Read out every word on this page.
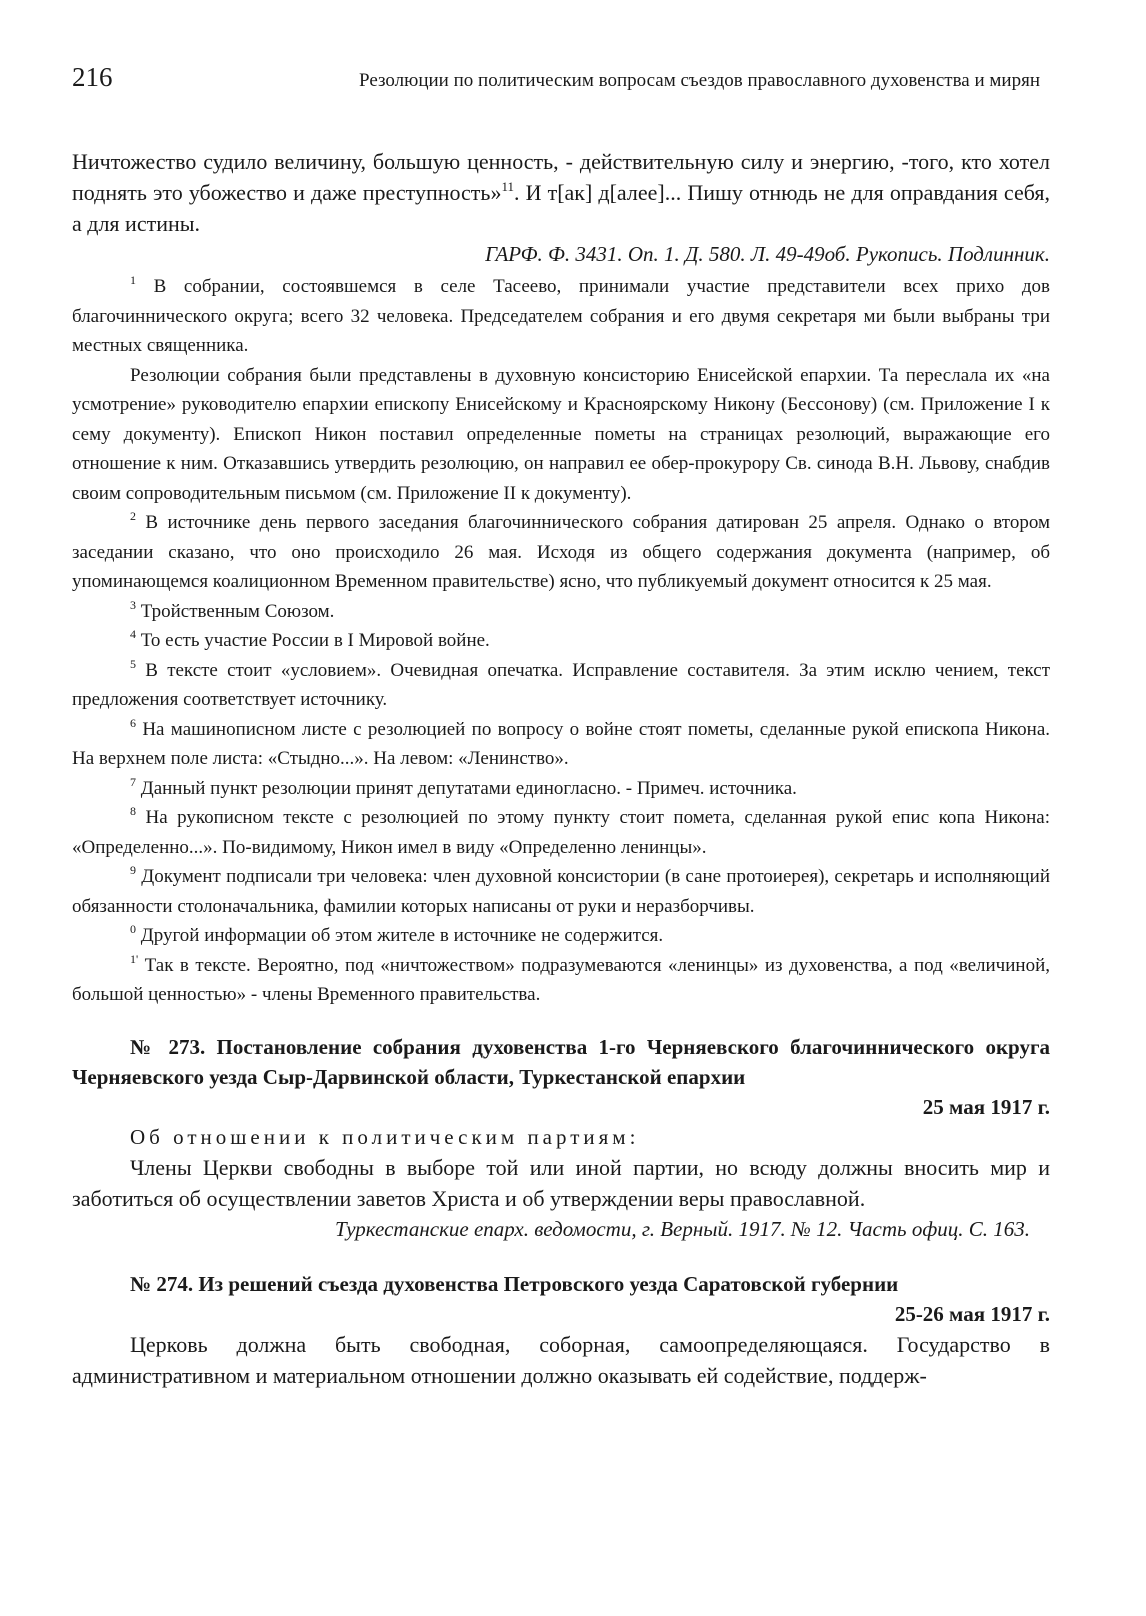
216	Резолюции по политическим вопросам съездов православного духовенства и мирян

Ничтожество судило величину, большую ценность, - действительную силу и энергию, -того, кто хотел поднять это убожество и даже преступность»$^{11}$. И т[ак] д[алее]... Пишу отнюдь не для оправдания себя, а для истины.

ГАРФ. Ф. 3431. Оп. 1. Д. 580. Л. 49-49об. Рукопись. Подлинник.

$^1$ В собрании, состоявшемся в селе Тасеево, принимали участие представители всех прихо дов благочиннического округа; всего 32 человека. Председателем собрания и его двумя секретаря ми были выбраны три местных священника.

Резолюции собрания были представлены в духовную консисторию Енисейской епархии. Та переслала их «на усмотрение» руководителю епархии епископу Енисейскому и Красноярскому Никону (Бессонову) (см. Приложение I к сему документу). Епископ Никон поставил определенные пометы на страницах резолюций, выражающие его отношение к ним. Отказавшись утвердить резолюцию, он направил ее обер-прокурору Св. синода В.Н. Львову, снабдив своим сопроводительным письмом (см. Приложение II к документу).

$^2$ В источнике день первого заседания благочиннического собрания датирован 25 апреля. Однако о втором заседании сказано, что оно происходило 26 мая. Исходя из общего содержания документа (например, об упоминающемся коалиционном Временном правительстве) ясно, что публикуемый документ относится к 25 мая.

$^3$ Тройственным Союзом.

$^4$ То есть участие России в I Мировой войне.

$^5$ В тексте стоит «условием». Очевидная опечатка. Исправление составителя. За этим исклю чением, текст предложения соответствует источнику.

$^6$ На машинописном листе с резолюцией по вопросу о войне стоят пометы, сделанные рукой епископа Никона. На верхнем поле листа: «Стыдно...». На левом: «Ленинство».

$^7$ Данный пункт резолюции принят депутатами единогласно. - Примеч. источника.

$^8$ На рукописном тексте с резолюцией по этому пункту стоит помета, сделанная рукой епис копа Никона: «Определенно...». По-видимому, Никон имел в виду «Определенно ленинцы».

$^9$ Документ подписали три человека: член духовной консистории (в сане протоиерея), секретарь и исполняющий обязанности столоначальника, фамилии которых написаны от руки и неразборчивы.

$^0$ Другой информации об этом жителе в источнике не содержится.

$^{1'}$ Так в тексте. Вероятно, под «ничтожеством» подразумеваются «ленинцы» из духовенства, а под «величиной, большой ценностью» - члены Временного правительства.

№ 273. Постановление собрания духовенства 1-го Черняевского благочиннического округа Черняевского уезда Сыр-Дарвинской области, Туркестанской епархии

25 мая 1917 г.

Об отношении к политическим партиям:

Члены Церкви свободны в выборе той или иной партии, но всюду должны вносить мир и заботиться об осуществлении заветов Христа и об утверждении веры православной.

Туркестанские епарх. ведомости, г. Верный. 1917. № 12. Часть офиц. С. 163.

№ 274. Из решений съезда духовенства Петровского уезда Саратовской губернии

25-26 мая 1917 г.

Церковь должна быть свободная, соборная, самоопределяющаяся. Государство в административном и материальном отношении должно оказывать ей содействие, поддерж-
